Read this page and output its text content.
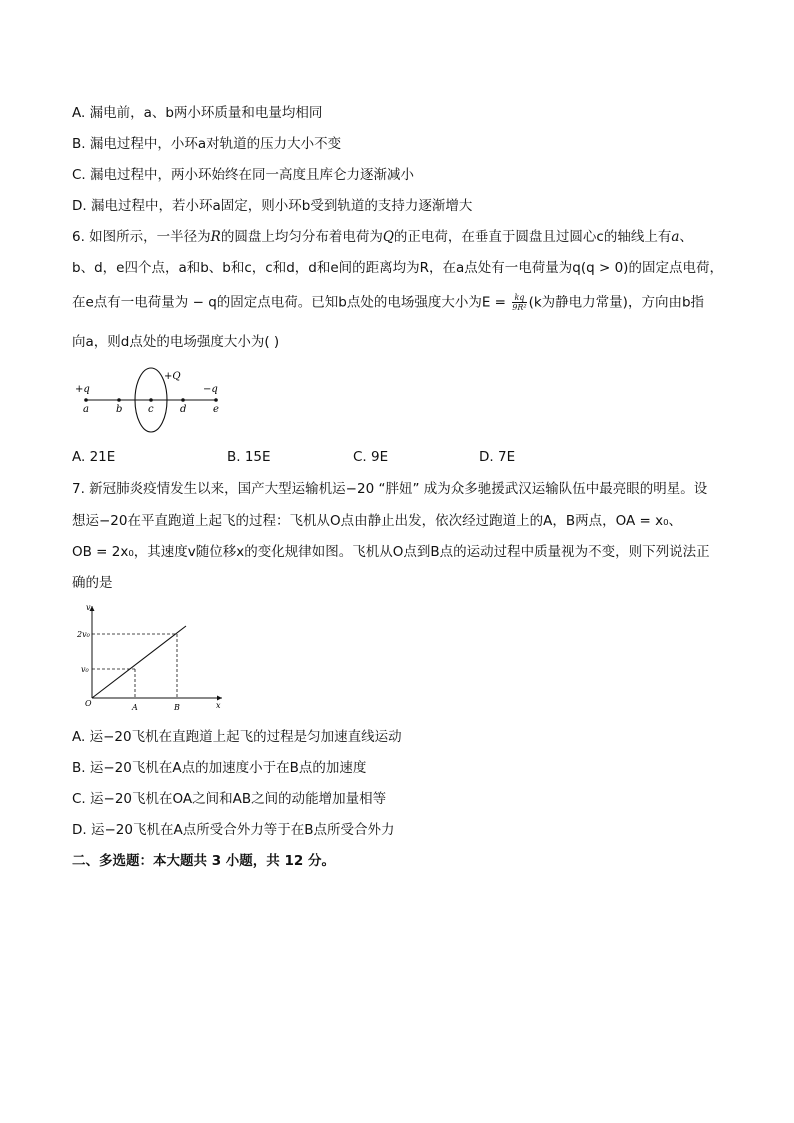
A. 漏电前，a、b两小环质量和电量均相同
B. 漏电过程中，小环a对轨道的压力大小不变
C. 漏电过程中，两小环始终在同一高度且库仑力逐渐减小
D. 漏电过程中，若小环a固定，则小环b受到轨道的支持力逐渐增大
6. 如图所示，一半径为R的圆盘上均匀分布着电荷为Q的正电荷，在垂直于圆盘且过圆心c的轴线上有a、
b、d，e四个点，a和b、b和c，c和d，d和e间的距离均为R，在a点处有一电荷量为q(q > 0)的固定点电荷，
在e点有一电荷量为 − q的固定点电荷。已知b点处的电场强度大小为$E = \frac{kq}{\text{9R²}} (k$为静电力常量)，方向由b指
向a，则d点处的电场强度大小为( )
+q
+Q
−q
a	b	c	d	e
A. 21E	B. 15E	C. 9E	D. 7E
7. 新冠肺炎疫情发生以来，国产大型运输机运−20 “胖妞” 成为众多驰援武汉运输队伍中最亮眼的明星。设
想运−20在平直跑道上起飞的过程：飞机从O点由静止出发，依次经过跑道上的A，B两点，OA = x₀、
OB = 2x₀，其速度v随位移x的变化规律如图。飞机从O点到B点的运动过程中质量视为不变，则下列说法正
确的是
v
x
2v₀
v₀
O	A	B
A. 运−20飞机在直跑道上起飞的过程是匀加速直线运动
B. 运−20飞机在A点的加速度小于在B点的加速度
C. 运−20飞机在OA之间和AB之间的动能增加量相等
D. 运−20飞机在A点所受合外力等于在B点所受合外力
二、多选题：本大题共 3 小题，共 12 分。
